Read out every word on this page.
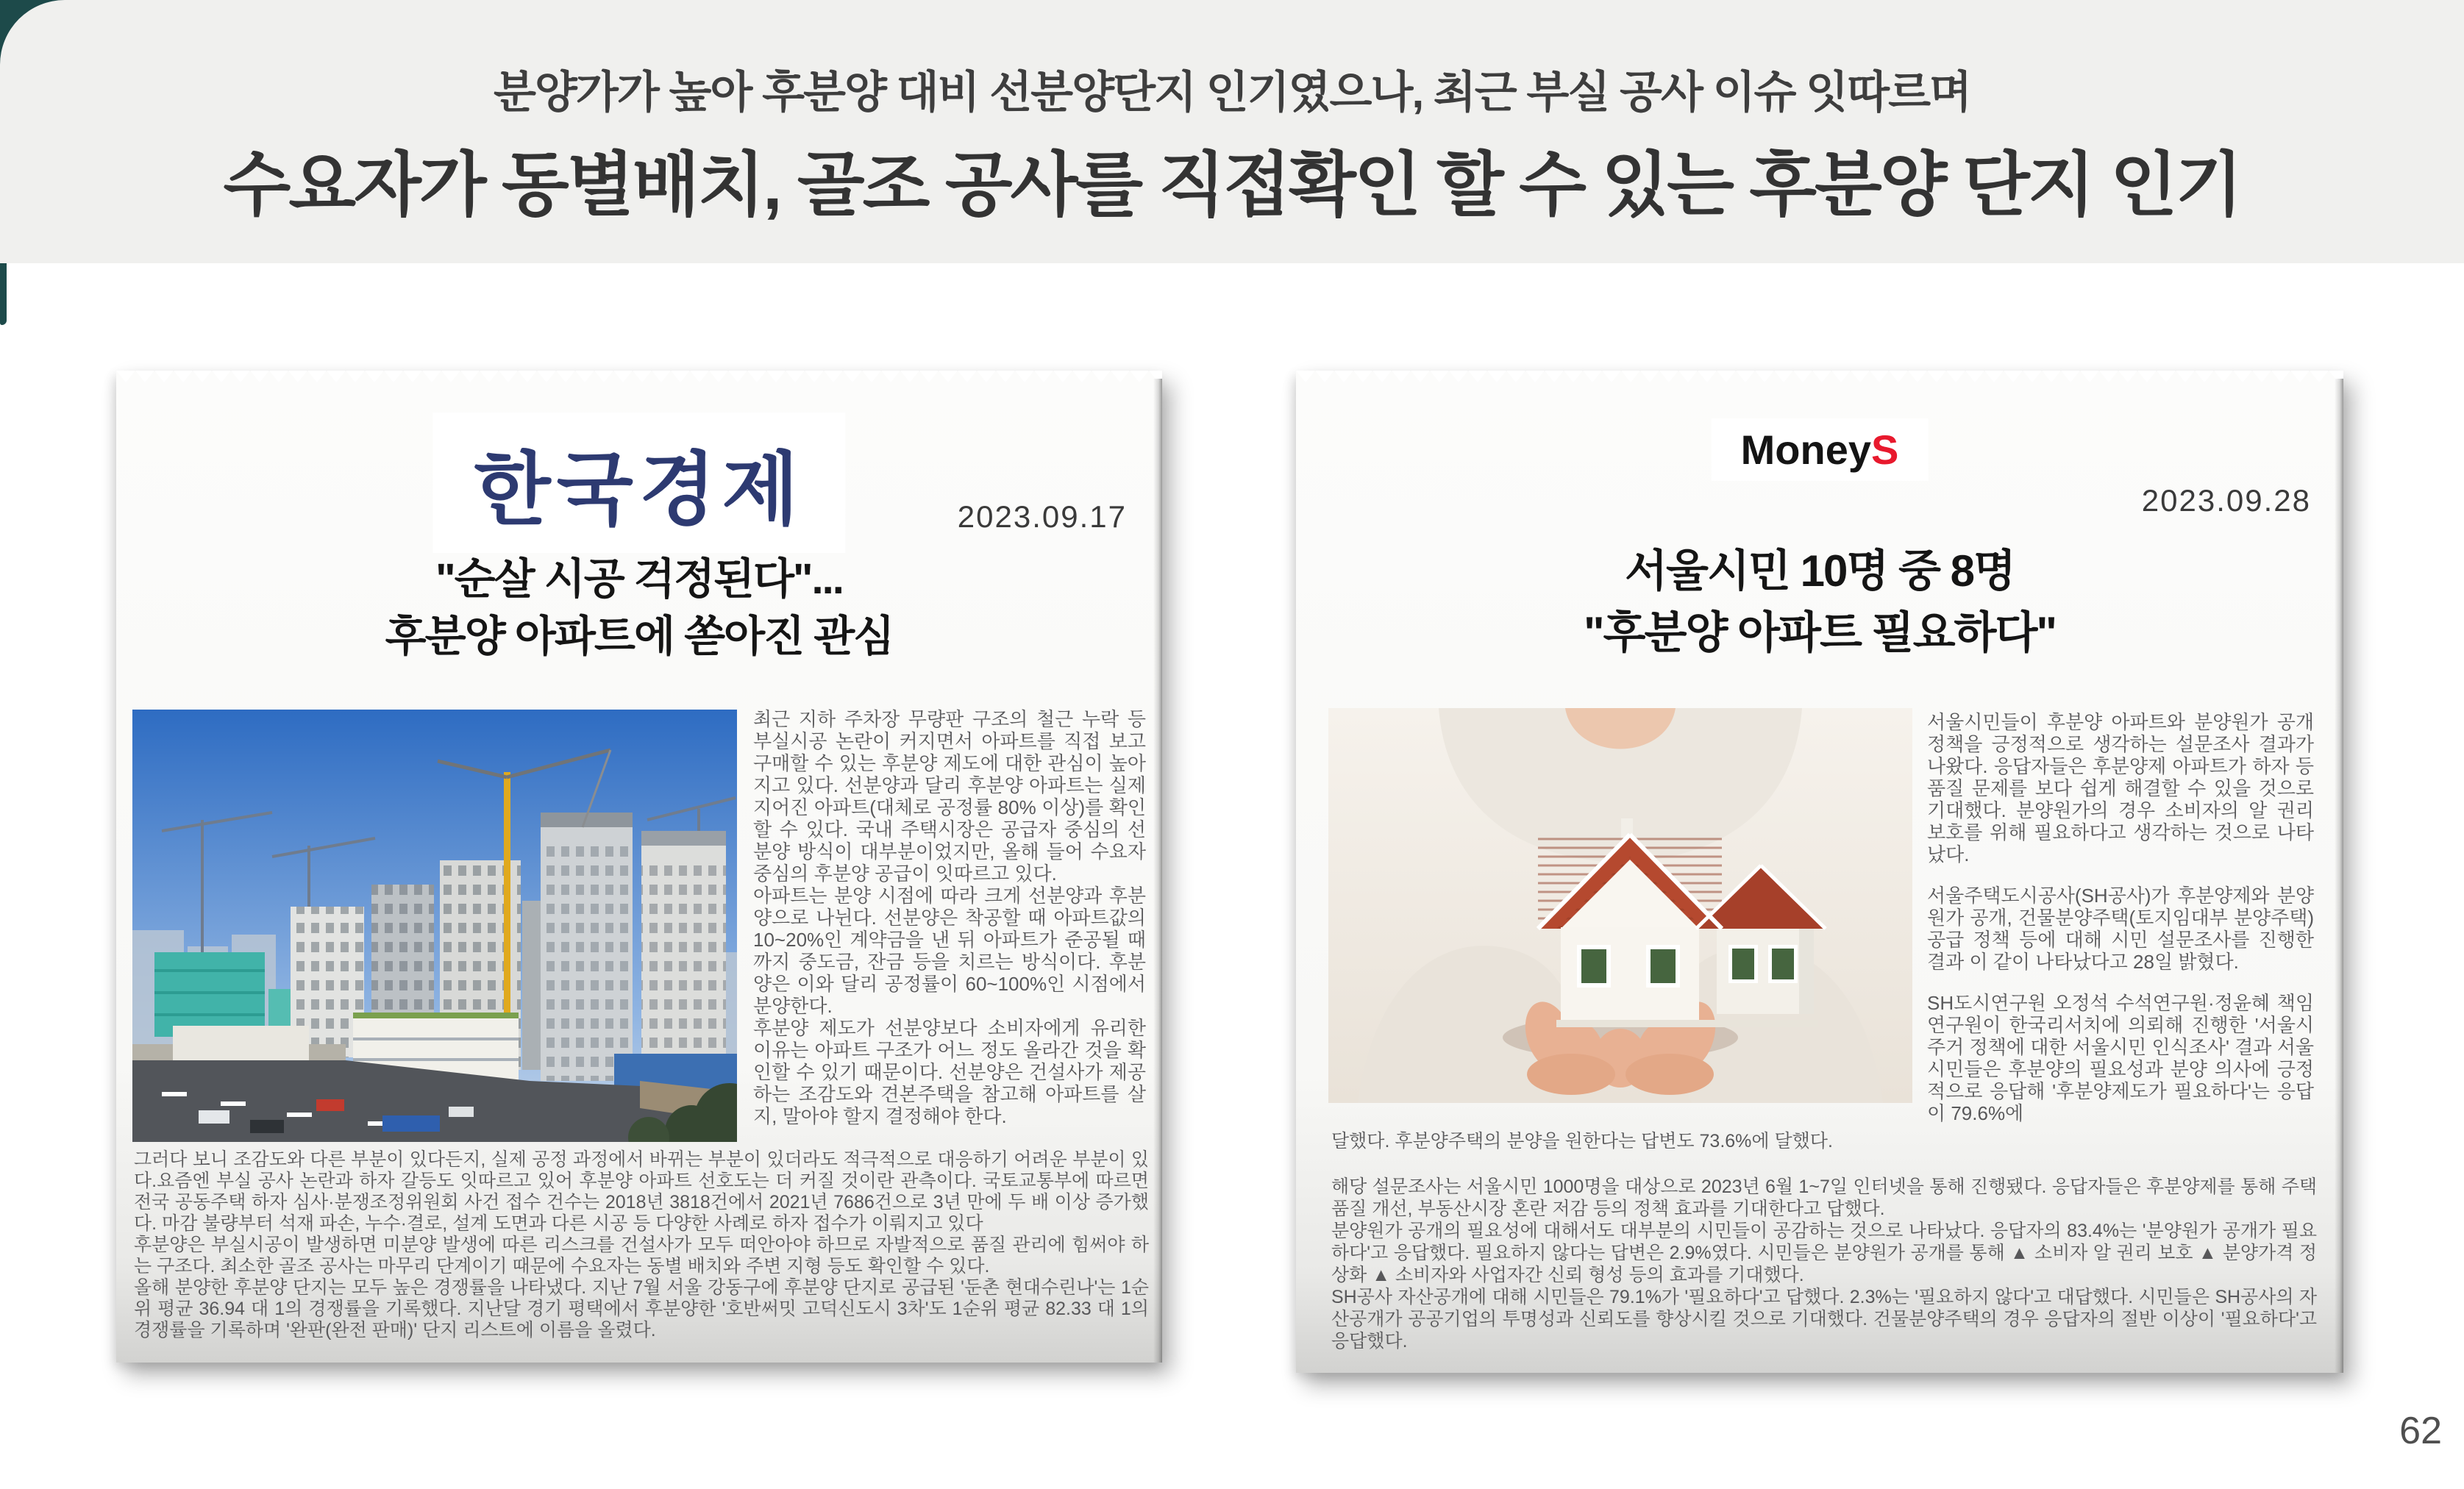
분양가가 높아 후분양 대비 선분양단지 인기였으나, 최근 부실 공사 이슈 잇따르며
수요자가 동별배치, 골조 공사를 직접확인 할 수 있는 후분양 단지 인기
한국경제	2023.09.17
"순살 시공 걱정된다"...
후분양 아파트에 쏟아진 관심

최근 지하 주차장 무량판 구조의 철근 누락 등 부실시공 논란이 커지면서 아파트를 직접 보고 구매할 수 있는 후분양 제도에 대한 관심이 높아지고 있다. 선분양과 달리 후분양 아파트는 실제 지어진 아파트(대체로 공정률 80% 이상)를 확인할 수 있다. 국내 주택시장은 공급자 중심의 선분양 방식이 대부분이었지만, 올해 들어 수요자 중심의 후분양 공급이 잇따르고 있다.

아파트는 분양 시점에 따라 크게 선분양과 후분양으로 나뉜다. 선분양은 착공할 때 아파트값의 10~20%인 계약금을 낸 뒤 아파트가 준공될 때까지 중도금, 잔금 등을 치르는 방식이다. 후분양은 이와 달리 공정률이 60~100%인 시점에서 분양한다.

후분양 제도가 선분양보다 소비자에게 유리한 이유는 아파트 구조가 어느 정도 올라간 것을 확인할 수 있기 때문이다. 선분양은 건설사가 제공하는 조감도와 견본주택을 참고해 아파트를 살지, 말아야 할지 결정해야 한다.

그러다 보니 조감도와 다른 부분이 있다든지, 실제 공정 과정에서 바뀌는 부분이 있더라도 적극적으로 대응하기 어려운 부분이 있다.요즘엔 부실 공사 논란과 하자 갈등도 잇따르고 있어 후분양 아파트 선호도는 더 커질 것이란 관측이다. 국토교통부에 따르면 전국 공동주택 하자 심사·분쟁조정위원회 사건 접수 건수는 2018년 3818건에서 2021년 7686건으로 3년 만에 두 배 이상 증가했다. 마감 불량부터 석재 파손, 누수·결로, 설계 도면과 다른 시공 등 다양한 사례로 하자 접수가 이뤄지고 있다

후분양은 부실시공이 발생하면 미분양 발생에 따른 리스크를 건설사가 모두 떠안아야 하므로 자발적으로 품질 관리에 힘써야 하는 구조다. 최소한 골조 공사는 마무리 단계이기 때문에 수요자는 동별 배치와 주변 지형 등도 확인할 수 있다.

올해 분양한 후분양 단지는 모두 높은 경쟁률을 나타냈다. 지난 7월 서울 강동구에 후분양 단지로 공급된 '둔촌 현대수린나'는 1순위 평균 36.94 대 1의 경쟁률을 기록했다. 지난달 경기 평택에서 후분양한 '호반써밋 고덕신도시 3차'도 1순위 평균 82.33 대 1의 경쟁률을 기록하며 '완판(완전 판매)' 단지 리스트에 이름을 올렸다.

MoneyS
2023.09.28
서울시민 10명 중 8명
"후분양 아파트 필요하다"

서울시민들이 후분양 아파트와 분양원가 공개 정책을 긍정적으로 생각하는 설문조사 결과가 나왔다. 응답자들은 후분양제 아파트가 하자 등 품질 문제를 보다 쉽게 해결할 수 있을 것으로 기대했다. 분양원가의 경우 소비자의 알 권리 보호를 위해 필요하다고 생각하는 것으로 나타났다.

서울주택도시공사(SH공사)가 후분양제와 분양원가 공개, 건물분양주택(토지임대부 분양주택) 공급 정책 등에 대해 시민 설문조사를 진행한 결과 이 같이 나타났다고 28일 밝혔다.

SH도시연구원 오정석 수석연구원·정윤혜 책임연구원이 한국리서치에 의뢰해 진행한 '서울시 주거 정책에 대한 서울시민 인식조사' 결과 서울시민들은 후분양의 필요성과 분양 의사에 긍정적으로 응답해 '후분양제도가 필요하다'는 응답이 79.6%에

달했다. 후분양주택의 분양을 원한다는 답변도 73.6%에 달했다.

해당 설문조사는 서울시민 1000명을 대상으로 2023년 6월 1~7일 인터넷을 통해 진행됐다. 응답자들은 후분양제를 통해 주택품질 개선, 부동산시장 혼란 저감 등의 정책 효과를 기대한다고 답했다.

분양원가 공개의 필요성에 대해서도 대부분의 시민들이 공감하는 것으로 나타났다. 응답자의 83.4%는 '분양원가 공개가 필요하다'고 응답했다. 필요하지 않다는 답변은 2.9%였다. 시민들은 분양원가 공개를 통해 ▲ 소비자 알 권리 보호 ▲ 분양가격 정상화 ▲ 소비자와 사업자간 신뢰 형성 등의 효과를 기대했다.

SH공사 자산공개에 대해 시민들은 79.1%가 '필요하다'고 답했다. 2.3%는 '필요하지 않다'고 대답했다. 시민들은 SH공사의 자산공개가 공공기업의 투명성과 신뢰도를 향상시킬 것으로 기대했다. 건물분양주택의 경우 응답자의 절반 이상이 '필요하다'고 응답했다.

62
